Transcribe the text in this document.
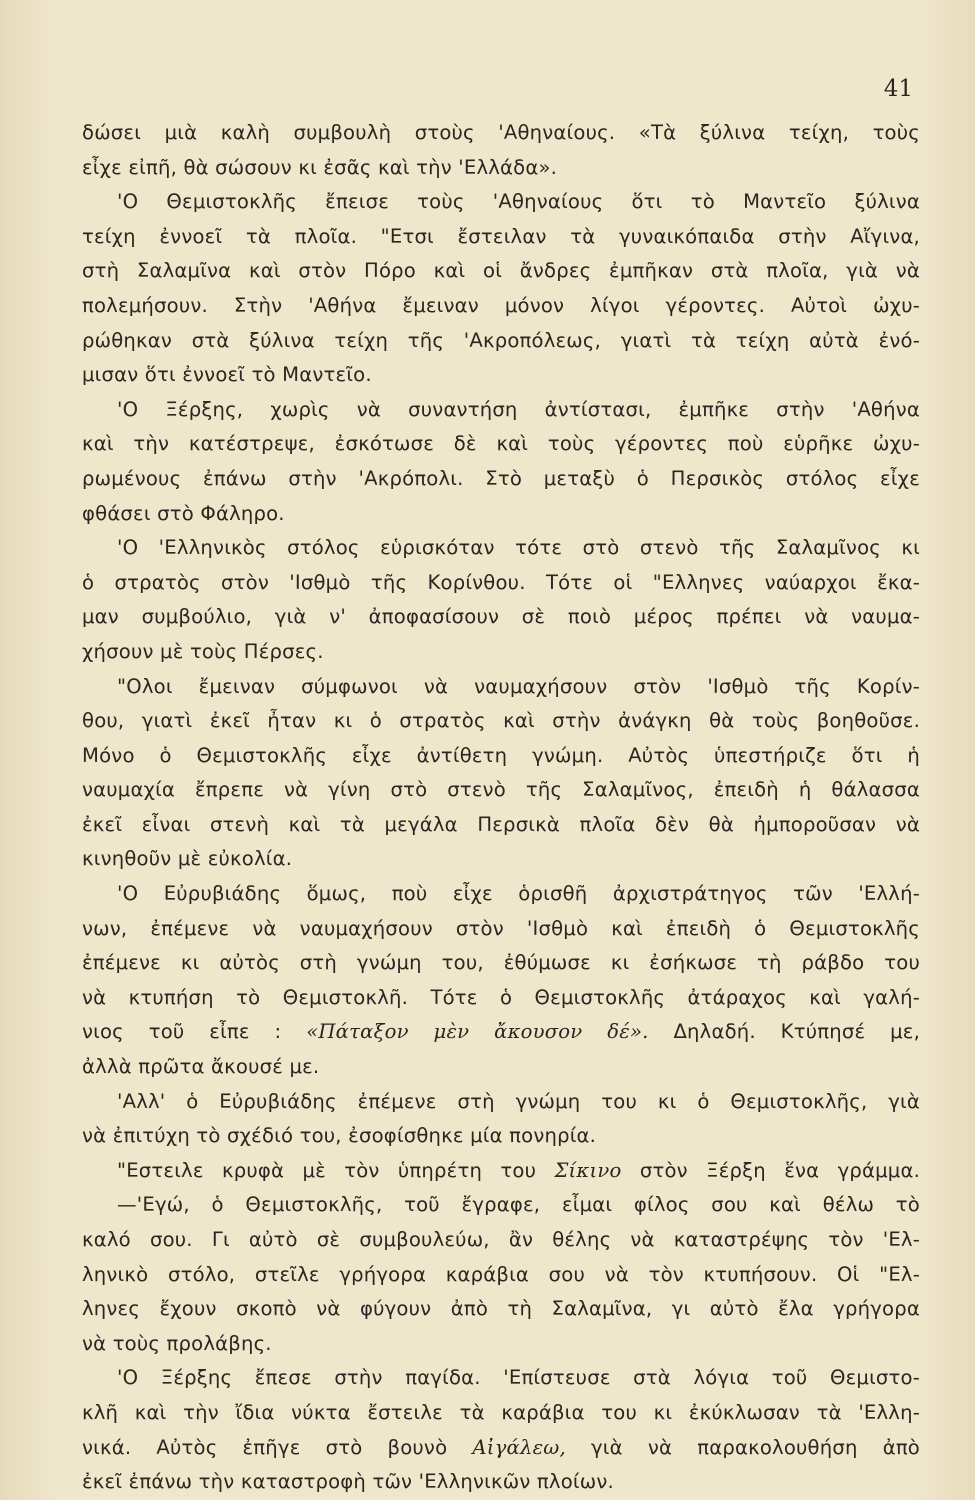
41
δώσει μιὰ καλὴ συμβουλὴ στοὺς 'Αθηναίους. «Τὰ ξύλινα τείχη, τοὺς
εἶχε εἰπῆ, θὰ σώσουν κι ἐσᾶς καὶ τὴν 'Ελλάδα».
'Ο Θεμιστοκλῆς ἔπεισε τοὺς 'Αθηναίους ὅτι τὸ Μαντεῖο ξύλινα
τείχη ἐννοεῖ τὰ πλοῖα. "Ετσι ἔστειλαν τὰ γυναικόπαιδα στὴν Αἴγινα,
στὴ Σαλαμῖνα καὶ στὸν Πόρο καὶ οἱ ἄνδρες ἐμπῆκαν στὰ πλοῖα, γιὰ νὰ
πολεμήσουν. Στὴν 'Αθήνα ἔμειναν μόνον λίγοι γέροντες. Αὐτοὶ ὠχυ-
ρώθηκαν στὰ ξύλινα τείχη τῆς 'Ακροπόλεως, γιατὶ τὰ τείχη αὐτὰ ἐνό-
μισαν ὅτι ἐννοεῖ τὸ Μαντεῖο.
'Ο Ξέρξης, χωρὶς νὰ συναντήση ἀντίστασι, ἐμπῆκε στὴν 'Αθήνα
καὶ τὴν κατέστρεψε, ἐσκότωσε δὲ καὶ τοὺς γέροντες ποὺ εὑρῆκε ὠχυ-
ρωμένους ἐπάνω στὴν 'Ακρόπολι. Στὸ μεταξὺ ὁ Περσικὸς στόλος εἶχε
φθάσει στὸ Φάληρο.
'Ο 'Ελληνικὸς στόλος εὑρισκόταν τότε στὸ στενὸ τῆς Σαλαμῖνος κι
ὁ στρατὸς στὸν 'Ισθμὸ τῆς Κορίνθου. Τότε οἱ "Ελληνες ναύαρχοι ἔκα-
μαν συμβούλιο, γιὰ ν' ἀποφασίσουν σὲ ποιὸ μέρος πρέπει νὰ ναυμα-
χήσουν μὲ τοὺς Πέρσες.
"Ολοι ἔμειναν σύμφωνοι νὰ ναυμαχήσουν στὸν 'Ισθμὸ τῆς Κορίν-
θου, γιατὶ ἐκεῖ ἦταν κι ὁ στρατὸς καὶ στὴν ἀνάγκη θὰ τοὺς βοηθοῦσε.
Μόνο ὁ Θεμιστοκλῆς εἶχε ἀντίθετη γνώμη. Αὐτὸς ὑπεστήριζε ὅτι ἡ
ναυμαχία ἔπρεπε νὰ γίνη στὸ στενὸ τῆς Σαλαμῖνος, ἐπειδὴ ἡ θάλασσα
ἐκεῖ εἶναι στενὴ καὶ τὰ μεγάλα Περσικὰ πλοῖα δὲν θὰ ἠμποροῦσαν νὰ
κινηθοῦν μὲ εὐκολία.
'Ο Εὐρυβιάδης ὅμως, ποὺ εἶχε ὁρισθῆ ἀρχιστράτηγος τῶν 'Ελλή-
νων, ἐπέμενε νὰ ναυμαχήσουν στὸν 'Ισθμὸ καὶ ἐπειδὴ ὁ Θεμιστοκλῆς
ἐπέμενε κι αὐτὸς στὴ γνώμη του, ἐθύμωσε κι ἐσήκωσε τὴ ράβδο του
νὰ κτυπήση τὸ Θεμιστοκλῆ. Τότε ὁ Θεμιστοκλῆς ἀτάραχος καὶ γαλή-
νιος τοῦ εἶπε : «Πάταξον μὲν ἄκουσον δέ». Δηλαδή. Κτύπησέ με,
ἀλλὰ πρῶτα ἄκουσέ με.
'Αλλ' ὁ Εὐρυβιάδης ἐπέμενε στὴ γνώμη του κι ὁ Θεμιστοκλῆς, γιὰ
νὰ ἐπιτύχη τὸ σχέδιό του, ἐσοφίσθηκε μία πονηρία.
"Εστειλε κρυφὰ μὲ τὸν ὑπηρέτη του Σίκινο στὸν Ξέρξη ἕνα γράμμα.
—'Εγώ, ὁ Θεμιστοκλῆς, τοῦ ἔγραφε, εἶμαι φίλος σου καὶ θέλω τὸ
καλό σου. Γι αὐτὸ σὲ συμβουλεύω, ἂν θέλης νὰ καταστρέψης τὸν 'Ελ-
ληνικὸ στόλο, στεῖλε γρήγορα καράβια σου νὰ τὸν κτυπήσουν. Οἱ "Ελ-
ληνες ἔχουν σκοπὸ νὰ φύγουν ἀπὸ τὴ Σαλαμῖνα, γι αὐτὸ ἔλα γρήγορα
νὰ τοὺς προλάβης.
'Ο Ξέρξης ἔπεσε στὴν παγίδα. 'Επίστευσε στὰ λόγια τοῦ Θεμιστο-
κλῆ καὶ τὴν ἴδια νύκτα ἔστειλε τὰ καράβια του κι ἐκύκλωσαν τὰ 'Ελλη-
νικά. Αὐτὸς ἐπῆγε στὸ βουνὸ Αἰγάλεω, γιὰ νὰ παρακολουθήση ἀπὸ
ἐκεῖ ἐπάνω τὴν καταστροφὴ τῶν 'Ελληνικῶν πλοίων.
